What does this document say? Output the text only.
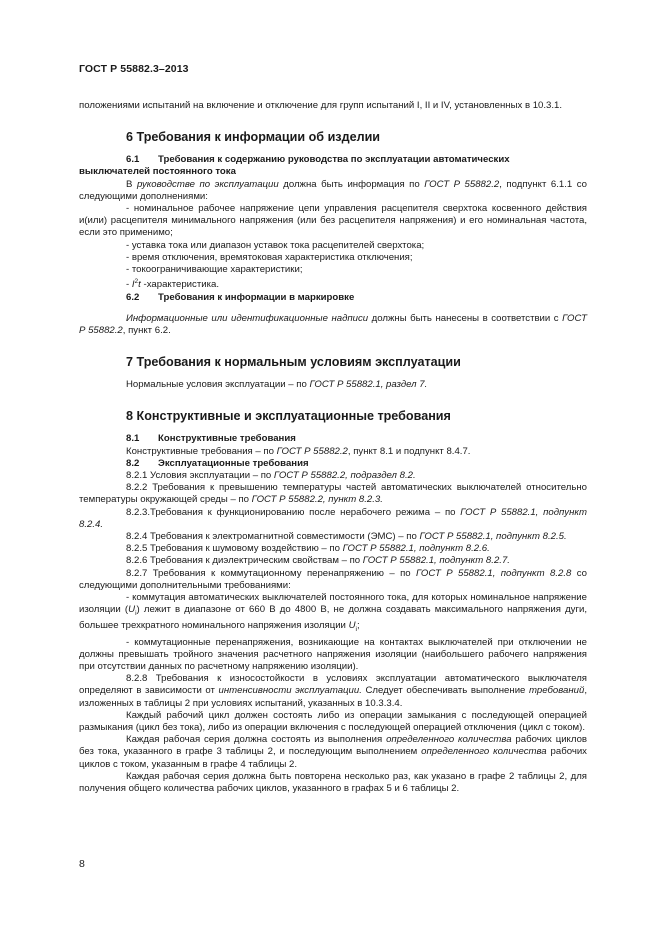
ГОСТ Р 55882.3–2013

положениями испытаний на включение и отключение для групп испытаний I, II и IV, установленных в 10.3.1.

6 Требования к информации об изделии

6.1 Требования к содержанию руководства по эксплуатации автоматических

выключателей постоянного тока

В руководстве по эксплуатации должна быть информация по ГОСТ Р 55882.2, подпункт 6.1.1 со следующими дополнениями:

- номинальное рабочее напряжение цепи управления расцепителя сверхтока косвенного действия и(или) расцепителя минимального напряжения (или без расцепителя напряжения) и его номинальная частота, если это применимо;

- уставка тока или диапазон уставок тока расцепителей сверхтока;

- время отключения, времятоковая характеристика отключения;

- токоограничивающие характеристики;

- $I^2t$ -характеристика.

6.2 Требования к информации в маркировке

Информационные или идентификационные надписи должны быть нанесены в соответствии с ГОСТ Р 55882.2, пункт 6.2.

7 Требования к нормальным условиям эксплуатации

Нормальные условия эксплуатации – по ГОСТ Р 55882.1, раздел 7.

8 Конструктивные и эксплуатационные требования

8.1 Конструктивные требования

Конструктивные требования – по ГОСТ Р 55882.2, пункт 8.1 и подпункт 8.4.7.

8.2 Эксплуатационные требования

8.2.1 Условия эксплуатации – по ГОСТ Р 55882.2, подраздел 8.2.

8.2.2 Требования к превышению температуры частей автоматических выключателей относительно температуры окружающей среды – по ГОСТ Р 55882.2, пункт 8.2.3.

8.2.3.Требования к функционированию после нерабочего режима – по ГОСТ Р 55882.1, подпункт 8.2.4.

8.2.4 Требования к электромагнитной совместимости (ЭМС) – по ГОСТ Р 55882.1, подпункт 8.2.5.

8.2.5 Требования к шумовому воздействию – по ГОСТ Р 55882.1, подпункт 8.2.6.

8.2.6 Требования к диэлектрическим свойствам – по ГОСТ Р 55882.1, подпункт 8.2.7.

8.2.7 Требования к коммутационному перенапряжению – по ГОСТ Р 55882.1, подпункт 8.2.8 со следующими дополнительными требованиями:

- коммутация автоматических выключателей постоянного тока, для которых номинальное напряжение изоляции $(U_i)$ лежит в диапазоне от 660 В до 4800 В, не должна создавать максимального напряжения дуги, большее трехкратного номинального напряжения изоляции $U_i$;

- коммутационные перенапряжения, возникающие на контактах выключателей при отключении не должны превышать тройного значения расчетного напряжения изоляции (наибольшего рабочего напряжения при отсутствии данных по расчетному напряжению изоляции).

8.2.8 Требования к износостойкости в условиях эксплуатации автоматического выключателя определяют в зависимости от интенсивности эксплуатации. Следует обеспечивать выполнение требований, изложенных в таблицы 2 при условиях испытаний, указанных в 10.3.3.4.

Каждый рабочий цикл должен состоять либо из операции замыкания с последующей операцией размыкания (цикл без тока), либо из операции включения с последующей операцией отключения (цикл с током).

Каждая рабочая серия должна состоять из выполнения определенного количества рабочих циклов без тока, указанного в графе 3 таблицы 2, и последующим выполнением определенного количества рабочих циклов с током, указанным в графе 4 таблицы 2.

Каждая рабочая серия должна быть повторена несколько раз, как указано в графе 2 таблицы 2, для получения общего количества рабочих циклов, указанного в графах 5 и 6 таблицы 2.

8
